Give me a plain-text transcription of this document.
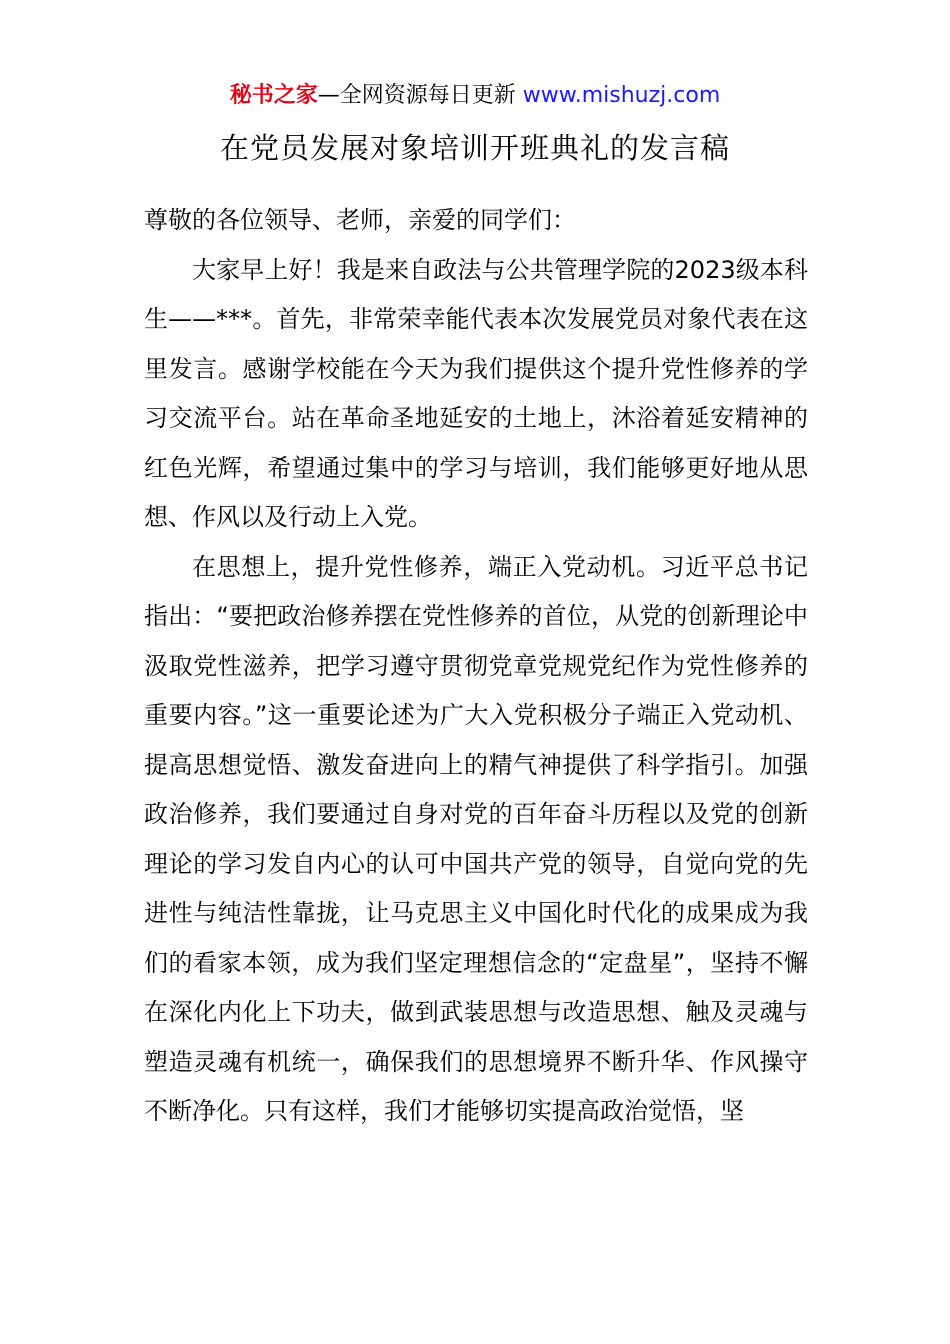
秘书之家—全网资源每日更新 www.mishuzj.com
在党员发展对象培训开班典礼的发言稿

尊敬的各位领导、老师，亲爱的同学们：

大家早上好！我是来自政法与公共管理学院的2023级本科生——***。首先，非常荣幸能代表本次发展党员对象代表在这里发言。感谢学校能在今天为我们提供这个提升党性修养的学习交流平台。站在革命圣地延安的土地上，沐浴着延安精神的红色光辉，希望通过集中的学习与培训，我们能够更好地从思想、作风以及行动上入党。

在思想上，提升党性修养，端正入党动机。习近平总书记指出：“要把政治修养摆在党性修养的首位，从党的创新理论中汲取党性滋养，把学习遵守贯彻党章党规党纪作为党性修养的重要内容。”这一重要论述为广大入党积极分子端正入党动机、提高思想觉悟、激发奋进向上的精气神提供了科学指引。加强政治修养，我们要通过自身对党的百年奋斗历程以及党的创新理论的学习发自内心的认可中国共产党的领导，自觉向党的先进性与纯洁性靠拢，让马克思主义中国化时代化的成果成为我们的看家本领，成为我们坚定理想信念的“定盘星”，坚持不懈在深化内化上下功夫，做到武装思想与改造思想、触及灵魂与塑造灵魂有机统一，确保我们的思想境界不断升华、作风操守不断净化。只有这样，我们才能够切实提高政治觉悟，坚
